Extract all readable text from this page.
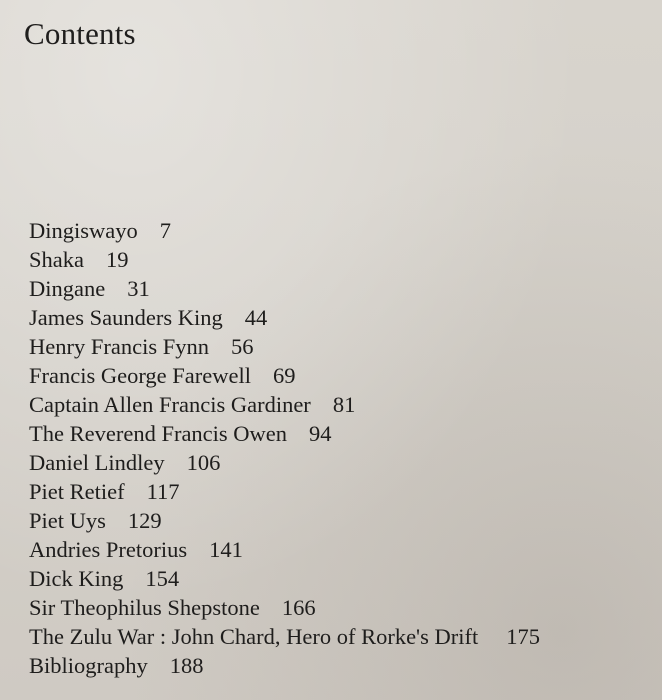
Contents
Dingiswayo 7
Shaka 19
Dingane 31
James Saunders King 44
Henry Francis Fynn 56
Francis George Farewell 69
Captain Allen Francis Gardiner 81
The Reverend Francis Owen 94
Daniel Lindley 106
Piet Retief 117
Piet Uys 129
Andries Pretorius 141
Dick King 154
Sir Theophilus Shepstone 166
The Zulu War : John Chard, Hero of Rorke's Drift 175
Bibliography 188
